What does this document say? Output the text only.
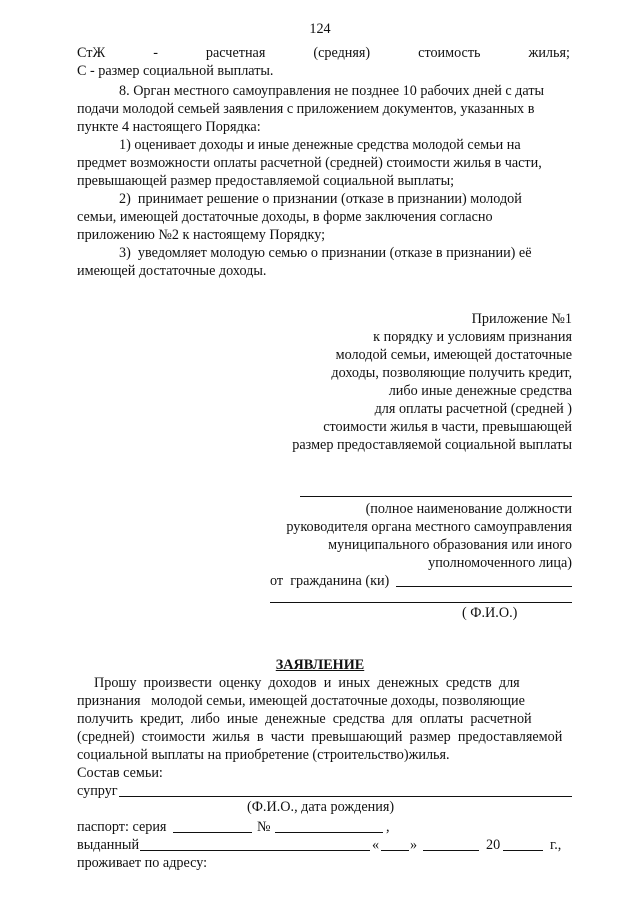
124
СтЖ	-	расчетная	(средняя)	стоимость	жилья;
С - размер социальной выплаты.
8. Орган местного самоуправления не позднее 10 рабочих дней с даты
подачи молодой семьей заявления с приложением документов, указанных в
пункте 4 настоящего Порядка:
1) оценивает доходы и иные денежные средства молодой семьи на
предмет возможности оплаты расчетной (средней) стоимости жилья в части,
превышающей размер предоставляемой социальной выплаты;
2)  принимает решение о признании (отказе в признании) молодой
семьи, имеющей достаточные доходы, в форме заключения согласно
приложению №2 к настоящему Порядку;
3)  уведомляет молодую семью о признании (отказе в признании) её
имеющей достаточные доходы.
Приложение №1
к порядку и условиям признания
молодой семьи, имеющей достаточные
доходы, позволяющие получить кредит,
либо иные денежные средства
для оплаты расчетной (средней )
стоимости жилья в части, превышающей
размер предоставляемой социальной выплаты
(полное наименование должности
руководителя органа местного самоуправления
муниципального образования или иного
уполномоченного лица)
от  гражданина (ки)
( Ф.И.О.)
ЗАЯВЛЕНИЕ
Прошу  произвести  оценку  доходов  и  иных  денежных  средств  для
признания   молодой семьи, имеющей достаточные доходы, позволяющие
получить  кредит,  либо  иные  денежные  средства  для  оплаты  расчетной
(средней)  стоимости  жилья  в  части  превышающий  размер  предоставляемой
социальной выплаты на приобретение (строительство)жилья.
Состав семьи:
супруг
(Ф.И.О., дата рождения)
паспорт: серия	№	,
выданный	« »	20	г.,
проживает по адресу:
